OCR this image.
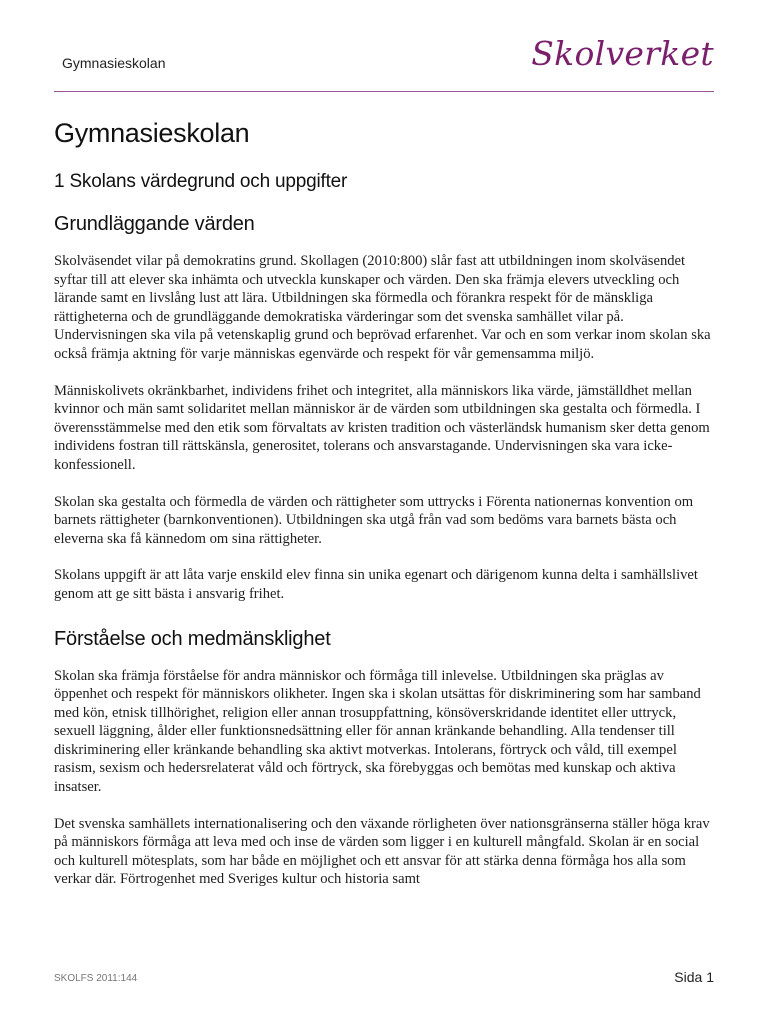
Gymnasieskolan	Skolverket
Gymnasieskolan
1 Skolans värdegrund och uppgifter
Grundläggande värden

Skolväsendet vilar på demokratins grund. Skollagen (2010:800) slår fast att utbildningen inom skolväsendet syftar till att elever ska inhämta och utveckla kunskaper och värden. Den ska främja elevers utveckling och lärande samt en livslång lust att lära. Utbildningen ska förmedla och förankra respekt för de mänskliga rättigheterna och de grundläggande demokratiska värderingar som det svenska samhället vilar på. Undervisningen ska vila på vetenskaplig grund och beprövad erfarenhet. Var och en som verkar inom skolan ska också främja aktning för varje människas egenvärde och respekt för vår gemensamma miljö.

Människolivets okränkbarhet, individens frihet och integritet, alla människors lika värde, jämställdhet mellan kvinnor och män samt solidaritet mellan människor är de värden som utbildningen ska gestalta och förmedla. I överensstämmelse med den etik som förvaltats av kristen tradition och västerländsk humanism sker detta genom individens fostran till rättskänsla, generositet, tolerans och ansvarstagande. Undervisningen ska vara icke-konfessionell.

Skolan ska gestalta och förmedla de värden och rättigheter som uttrycks i Förenta nationernas konvention om barnets rättigheter (barnkonventionen). Utbildningen ska utgå från vad som bedöms vara barnets bästa och eleverna ska få kännedom om sina rättigheter.

Skolans uppgift är att låta varje enskild elev finna sin unika egenart och därigenom kunna delta i samhällslivet genom att ge sitt bästa i ansvarig frihet.

Förståelse och medmänsklighet

Skolan ska främja förståelse för andra människor och förmåga till inlevelse. Utbildningen ska präglas av öppenhet och respekt för människors olikheter. Ingen ska i skolan utsättas för diskriminering som har samband med kön, etnisk tillhörighet, religion eller annan trosuppfattning, könsöverskridande identitet eller uttryck, sexuell läggning, ålder eller funktionsnedsättning eller för annan kränkande behandling. Alla tendenser till diskriminering eller kränkande behandling ska aktivt motverkas. Intolerans, förtryck och våld, till exempel rasism, sexism och hedersrelaterat våld och förtryck, ska förebyggas och bemötas med kunskap och aktiva insatser.

Det svenska samhällets internationalisering och den växande rörligheten över nationsgränserna ställer höga krav på människors förmåga att leva med och inse de värden som ligger i en kulturell mångfald. Skolan är en social och kulturell mötesplats, som har både en möjlighet och ett ansvar för att stärka denna förmåga hos alla som verkar där. Förtrogenhet med Sveriges kultur och historia samt

SKOLFS 2011:144	Sida 1
